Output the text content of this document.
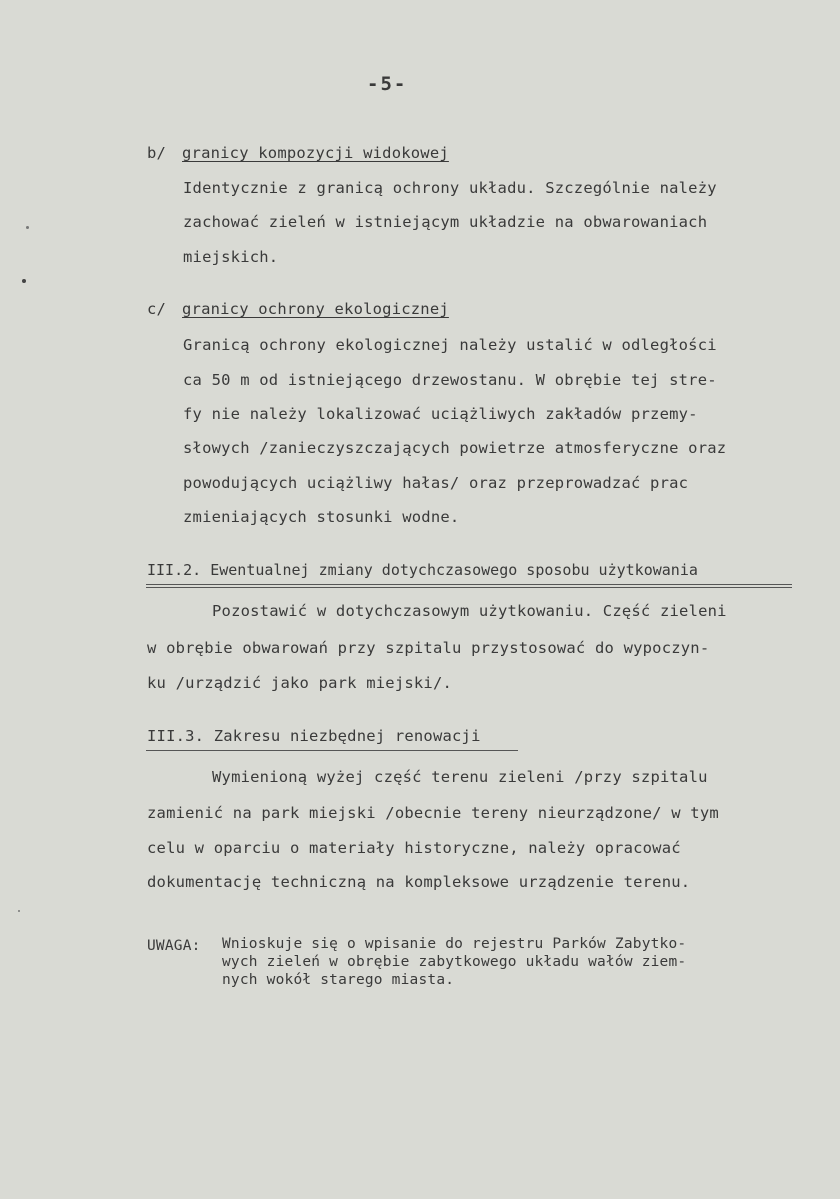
-5-
b/ granicy kompozycji widokowej
Identycznie z granicą ochrony układu. Szczególnie należy
zachować zieleń w istniejącym układzie na obwarowaniach
miejskich.
c/ granicy ochrony ekologicznej
Granicą ochrony ekologicznej należy ustalić w odległości
ca 50 m od istniejącego drzewostanu. W obrębie tej stre-
fy nie należy lokalizować uciążliwych zakładów przemy-
słowych /zanieczyszczających powietrze atmosferyczne oraz
powodujących uciążliwy hałas/ oraz przeprowadzać prac
zmieniających stosunki wodne.
III.2. Ewentualnej zmiany dotychczasowego sposobu użytkowania
Pozostawić w dotychczasowym użytkowaniu. Część zieleni
w obrębie obwarowań przy szpitalu przystosować do wypoczyn-
ku /urządzić jako park miejski/.
III.3. Zakresu niezbędnej renowacji
Wymienioną wyżej część terenu zieleni /przy szpitalu
zamienić na park miejski /obecnie tereny nieurządzone/ w tym
celu w oparciu o materiały historyczne, należy opracować
dokumentację techniczną na kompleksowe urządzenie terenu.
UWAGA: Wnioskuje się o wpisanie do rejestru Parków Zabytko-
wych zieleń w obrębie zabytkowego układu wałów ziem-
nych wokół starego miasta.
